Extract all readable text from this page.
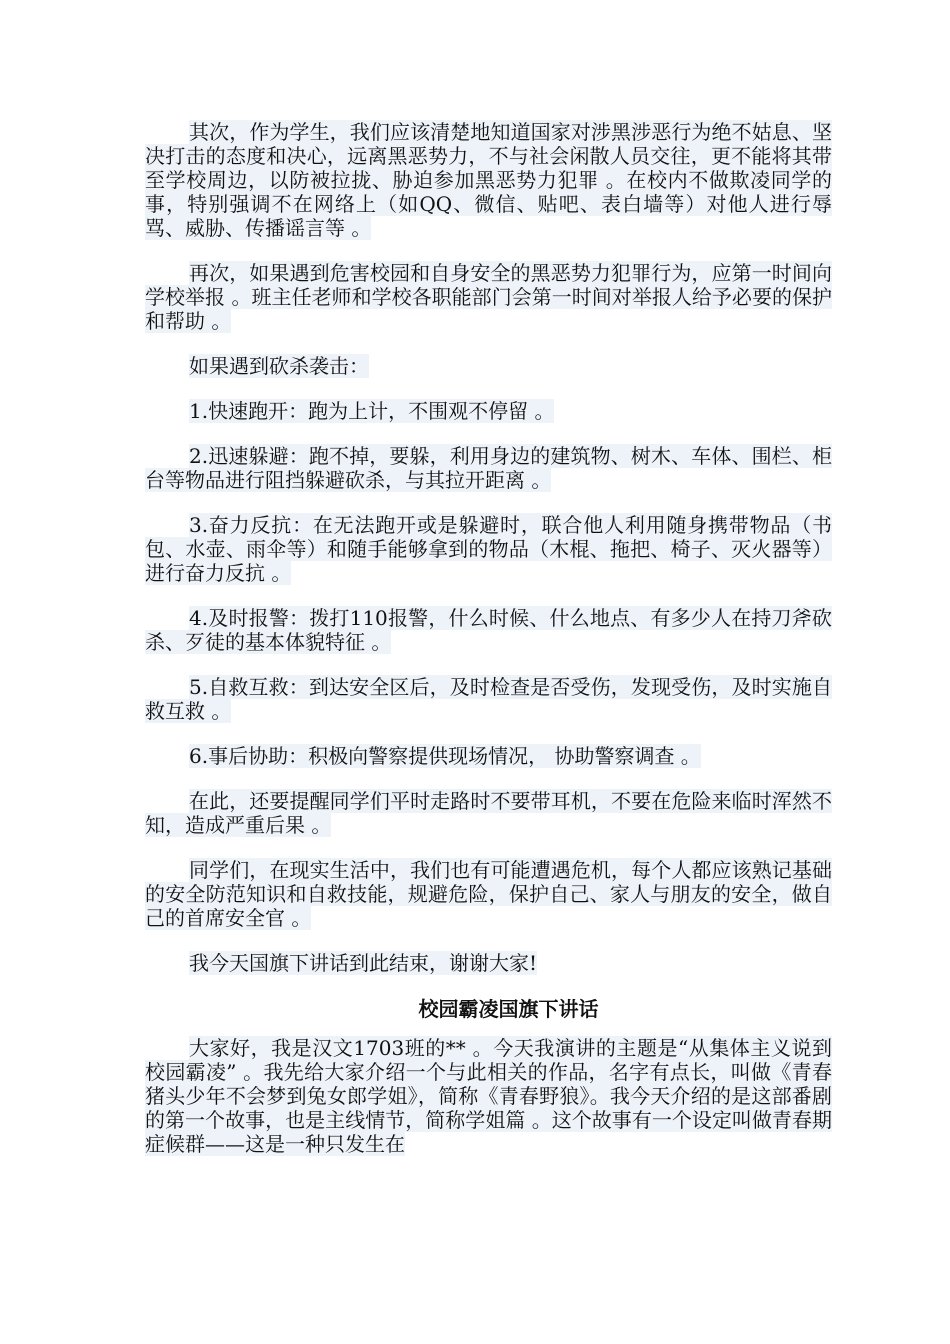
其次，作为学生，我们应该清楚地知道国家对涉黑涉恶行为绝不姑息、坚决打击的态度和决心，远离黑恶势力，不与社会闲散人员交往，更不能将其带至学校周边，以防被拉拢、胁迫参加黑恶势力犯罪 。在校内不做欺凌同学的事，特别强调不在网络上（如QQ、微信、贴吧、表白墙等）对他人进行辱骂、威胁、传播谣言等 。

再次，如果遇到危害校园和自身安全的黑恶势力犯罪行为，应第一时间向学校举报 。班主任老师和学校各职能部门会第一时间对举报人给予必要的保护和帮助 。

如果遇到砍杀袭击：

1.快速跑开：跑为上计，不围观不停留 。

2.迅速躲避：跑不掉，要躲，利用身边的建筑物、树木、车体、围栏、柜台等物品进行阻挡躲避砍杀，与其拉开距离 。

3.奋力反抗：在无法跑开或是躲避时，联合他人利用随身携带物品（书包、水壶、雨伞等）和随手能够拿到的物品（木棍、拖把、椅子、灭火器等）进行奋力反抗 。

4.及时报警：拨打110报警，什么时候、什么地点、有多少人在持刀斧砍杀、歹徒的基本体貌特征 。

5.自救互救：到达安全区后，及时检查是否受伤，发现受伤，及时实施自救互救 。

6.事后协助：积极向警察提供现场情况， 协助警察调查 。

在此，还要提醒同学们平时走路时不要带耳机，不要在危险来临时浑然不知，造成严重后果 。

同学们，在现实生活中，我们也有可能遭遇危机，每个人都应该熟记基础的安全防范知识和自救技能，规避危险，保护自己、家人与朋友的安全，做自己的首席安全官 。

我今天国旗下讲话到此结束，谢谢大家!

校园霸凌国旗下讲话

大家好，我是汉文1703班的** 。今天我演讲的主题是“从集体主义说到校园霸凌” 。我先给大家介绍一个与此相关的作品，名字有点长，叫做《青春猪头少年不会梦到兔女郎学姐》，简称《青春野狼》。我今天介绍的是这部番剧的第一个故事，也是主线情节，简称学姐篇 。这个故事有一个设定叫做青春期症候群——这是一种只发生在
